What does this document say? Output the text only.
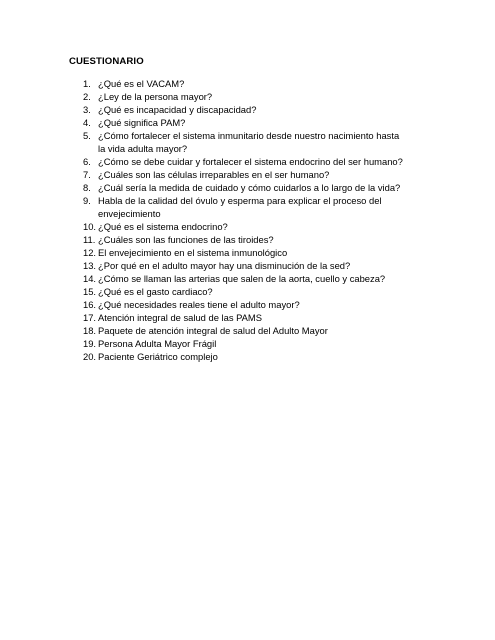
CUESTIONARIO
1. ¿Qué es el VACAM?
2. ¿Ley de la persona mayor?
3. ¿Qué es incapacidad y discapacidad?
4. ¿Qué significa PAM?
5. ¿Cómo fortalecer el sistema inmunitario desde nuestro nacimiento hasta la vida adulta mayor?
6. ¿Cómo se debe cuidar y fortalecer el sistema endocrino del ser humano?
7. ¿Cuáles son las células irreparables en el ser humano?
8. ¿Cuál sería la medida de cuidado y cómo cuidarlos a lo largo de la vida?
9. Habla de la calidad del óvulo y esperma para explicar el proceso del envejecimiento
10. ¿Qué es el sistema endocrino?
11. ¿Cuáles son las funciones de las tiroides?
12. El envejecimiento en el sistema inmunológico
13. ¿Por qué en el adulto mayor hay una disminución de la sed?
14. ¿Cómo se llaman las arterias que salen de la aorta, cuello y cabeza?
15. ¿Qué es el gasto cardiaco?
16. ¿Qué necesidades reales tiene el adulto mayor?
17. Atención integral de salud de las PAMS
18. Paquete de atención integral de salud del Adulto Mayor
19. Persona Adulta Mayor Frágil
20. Paciente Geriátrico complejo
